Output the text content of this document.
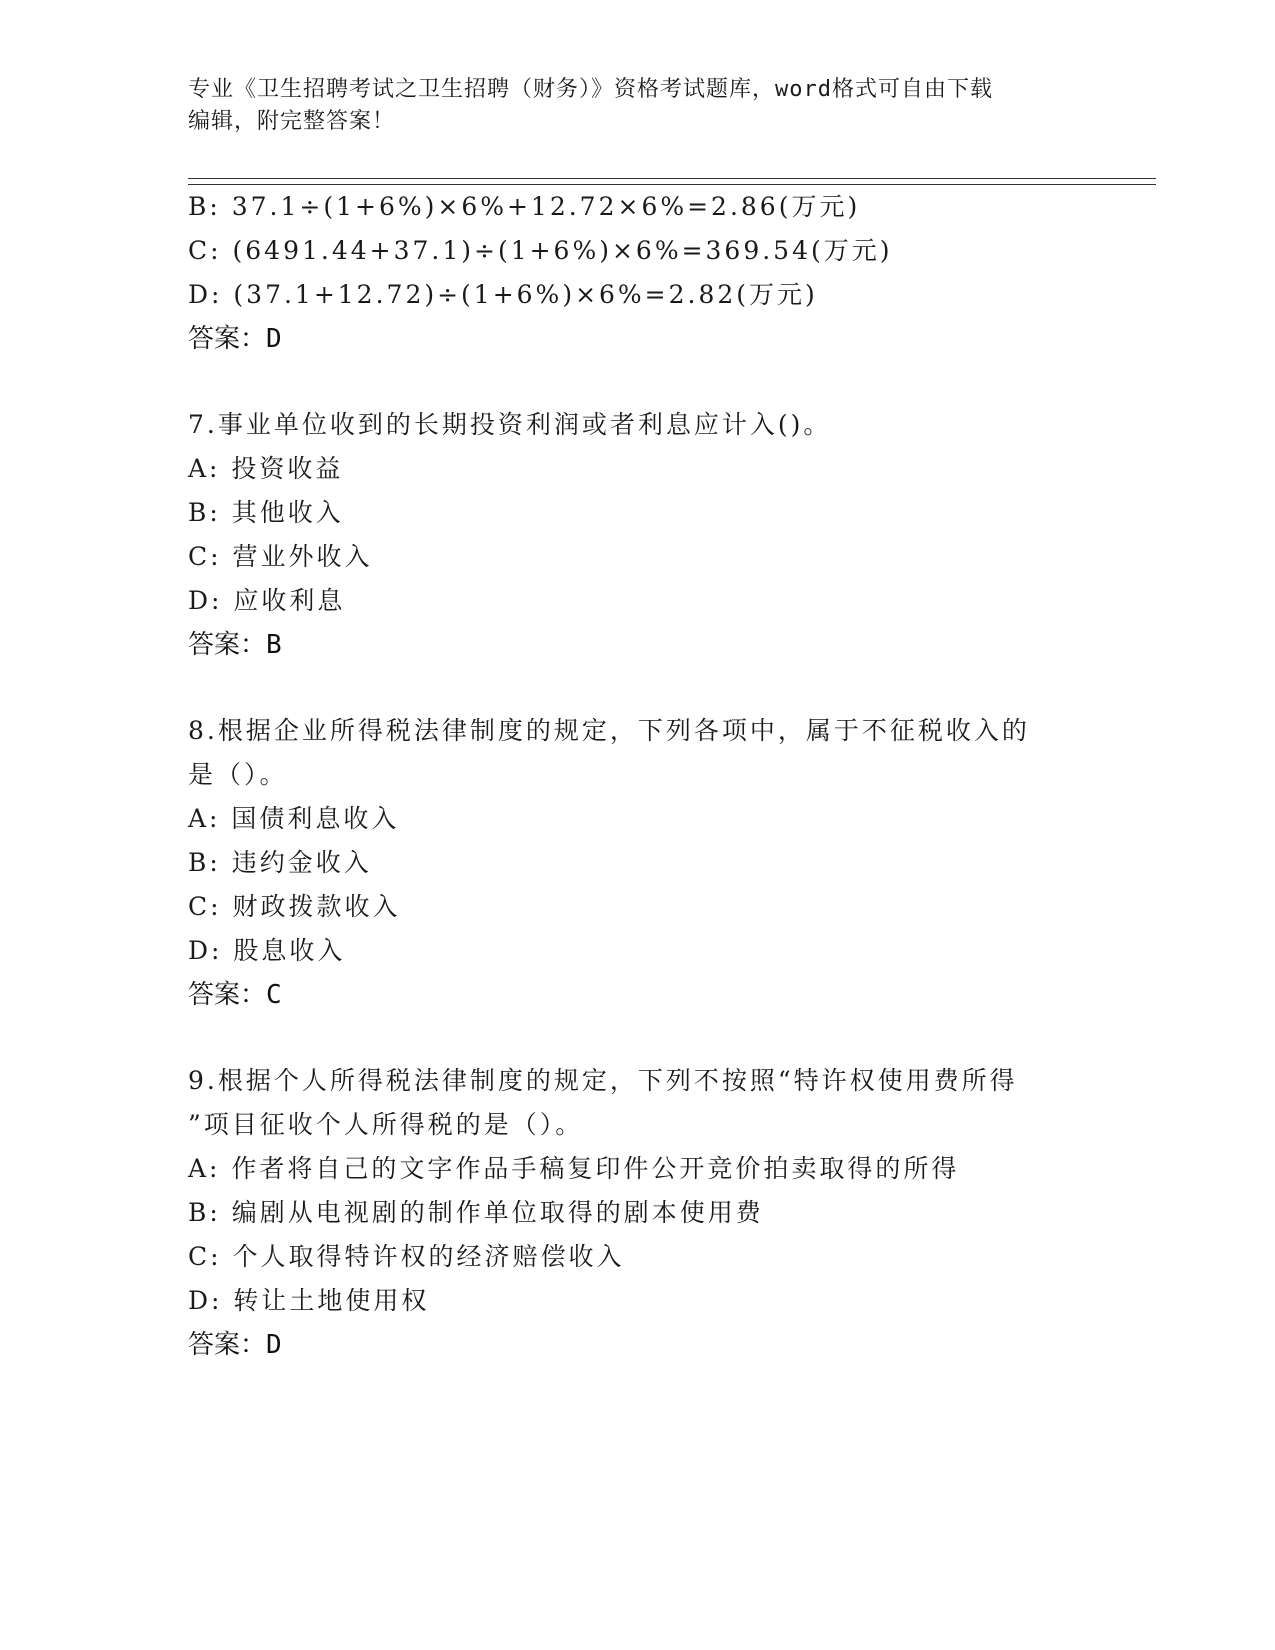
专业《卫生招聘考试之卫生招聘（财务）》资格考试题库，word格式可自由下载
编辑，附完整答案！
B: 37.1÷(1+6%)×6%+12.72×6%=2.86(万元)
C: (6491.44+37.1)÷(1+6%)×6%=369.54(万元)
D: (37.1+12.72)÷(1+6%)×6%=2.82(万元)
答案：D
7.事业单位收到的长期投资利润或者利息应计入()。
A: 投资收益
B: 其他收入
C: 营业外收入
D: 应收利息
答案：B
8.根据企业所得税法律制度的规定，下列各项中，属于不征税收入的
是（）。
A: 国债利息收入
B: 违约金收入
C: 财政拨款收入
D: 股息收入
答案：C
9.根据个人所得税法律制度的规定，下列不按照“特许权使用费所得
”项目征收个人所得税的是（）。
A: 作者将自己的文字作品手稿复印件公开竞价拍卖取得的所得
B: 编剧从电视剧的制作单位取得的剧本使用费
C: 个人取得特许权的经济赔偿收入
D: 转让土地使用权
答案：D
